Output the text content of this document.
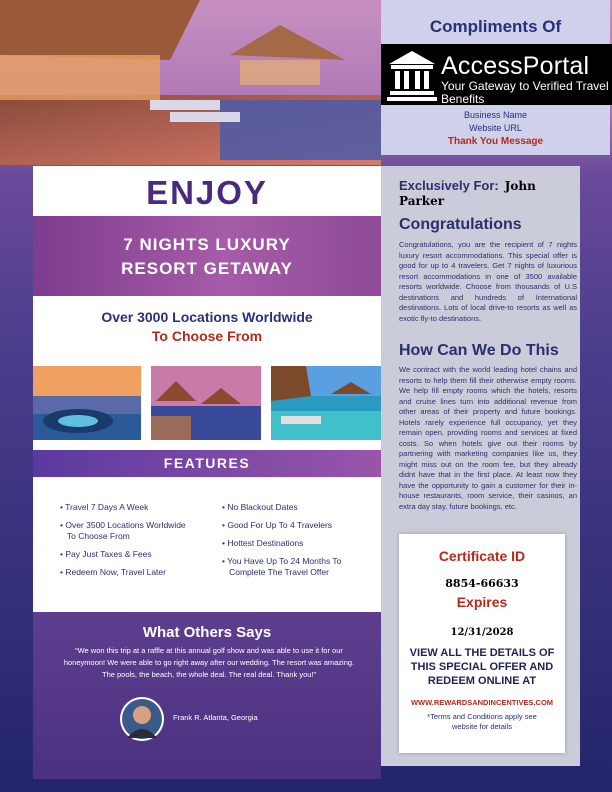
Compliments Of
AccessPortal
Your Gateway to Verified Travel Benefits
Business Name
Website URL
Thank You Message
ENJOY
7 NIGHTS LUXURY
RESORT GETAWAY
Over 3000 Locations Worldwide
To Choose From
FEATURES
• Travel 7 Days A Week
• Over 3500 Locations Worldwide
To Choose From
• Pay Just Taxes & Fees
• Redeem Now, Travel Later
• No Blackout Dates
• Good For Up To 4 Travelers
• Hottest Destinations
• You Have Up To 24 Months To
Complete The Travel Offer
What Others Says
“We won this trip at a raffle at this annual golf show and was able to use it for our honeymoon! We were able to go right away after our wedding. The resort was amazing. The pools, the beach, the whole deal. The real deal. Thank you!”
Frank R. Atlanta, Georgia
Exclusively For: John Parker
Congratulations
Congratulations, you are the recipient of 7 nights luxury resort accommodations. This special offer is good for up to 4 travelers. Get 7 nights of luxurious resort accommodations in one of 3500 available resorts worldwide. Choose from thousands of U.S destinations and hundreds of International destinations. Lots of local drive-to resorts as well as exotic fly-to destinations.
How Can We Do This
We contract with the world leading hotel chains and resorts to help them fill their otherwise empty rooms. We help fill empty rooms which the hotels, resorts and cruise lines turn into additional revenue from other areas of their property and future bookings. Hotels rarely experience full occupancy, yet they remain open, providing rooms and services at fixed costs. So when hotels give out their rooms by partnering with marketing companies like us, they might miss out on the room fee, but they already didnt have that in the first place. At least now they have the opportunity to gain a customer for their in-house restaurants, room service, their casinos, an extra day stay, future bookings, etc.
Certificate ID
8854-66633
Expires
12/31/2028
VIEW ALL THE DETAILS OF THIS SPECIAL OFFER AND REDEEM ONLINE AT
WWW.REWARDSANDINCENTIVES.COM
*Terms and Conditions apply see website for details
